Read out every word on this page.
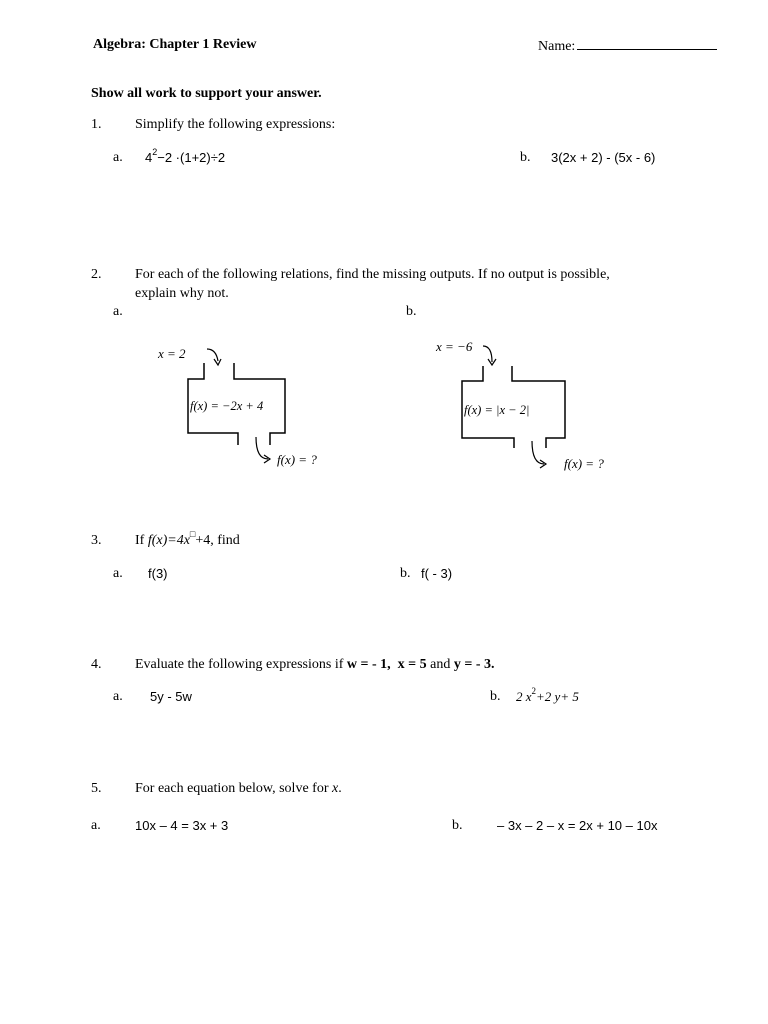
Algebra: Chapter 1 Review	Name:
Show all work to support your answer.
1. Simplify the following expressions:
a. $4^2-2 \cdot(1+2)\div 2$	b. 3(2x + 2) - (5x - 6)
2. For each of the following relations, find the missing outputs. If no output is possible,
explain why not.
a.	b.
x = 2
f(x) = −2x + 4
f(x) = ?
x = −6
f(x) = |x − 2|
f(x) = ?
3. If f(x)=4x□+4, find
a. f(3)	b. f( - 3)
4. Evaluate the following expressions if w = - 1, x = 5 and y = - 3.
a. 5y - 5w	b. 2 $x^2+2$ y+ 5
5. For each equation below, solve for x.
a.	10x – 4 = 3x + 3	b.	– 3x – 2 – x = 2x + 10 – 10x
